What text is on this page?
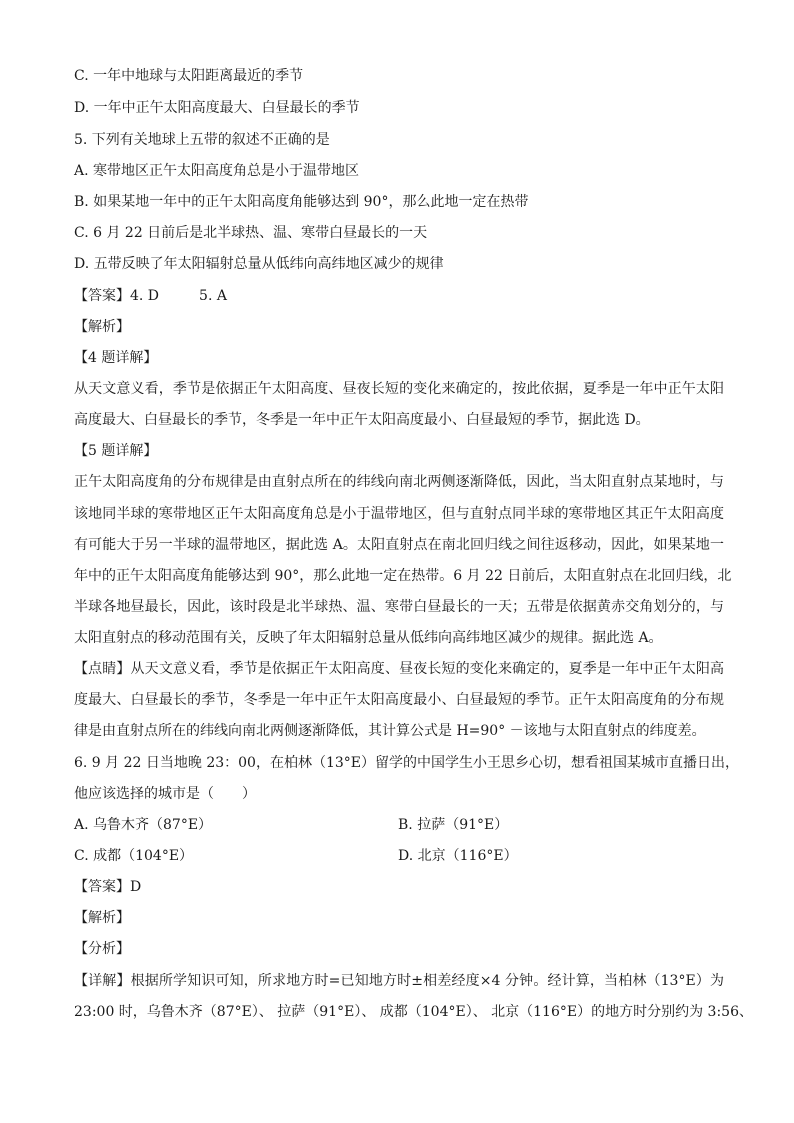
C. 一年中地球与太阳距离最近的季节
D. 一年中正午太阳高度最大、白昼最长的季节
5. 下列有关地球上五带的叙述不正确的是
A. 寒带地区正午太阳高度角总是小于温带地区
B. 如果某地一年中的正午太阳高度角能够达到 90°，那么此地一定在热带
C. 6 月 22 日前后是北半球热、温、寒带白昼最长的一天
D. 五带反映了年太阳辐射总量从低纬向高纬地区减少的规律
【答案】4. D	5. A
【解析】
【4 题详解】
从天文意义看，季节是依据正午太阳高度、昼夜长短的变化来确定的，按此依据，夏季是一年中正午太阳
高度最大、白昼最长的季节，冬季是一年中正午太阳高度最小、白昼最短的季节，据此选 D。
【5 题详解】
正午太阳高度角的分布规律是由直射点所在的纬线向南北两侧逐渐降低，因此，当太阳直射点某地时，与
该地同半球的寒带地区正午太阳高度角总是小于温带地区，但与直射点同半球的寒带地区其正午太阳高度
有可能大于另一半球的温带地区，据此选 A。太阳直射点在南北回归线之间往返移动，因此，如果某地一
年中的正午太阳高度角能够达到 90°，那么此地一定在热带。6 月 22 日前后，太阳直射点在北回归线，北
半球各地昼最长，因此，该时段是北半球热、温、寒带白昼最长的一天；五带是依据黄赤交角划分的，与
太阳直射点的移动范围有关，反映了年太阳辐射总量从低纬向高纬地区减少的规律。据此选 A。
【点睛】从天文意义看，季节是依据正午太阳高度、昼夜长短的变化来确定的，夏季是一年中正午太阳高
度最大、白昼最长的季节，冬季是一年中正午太阳高度最小、白昼最短的季节。正午太阳高度角的分布规
律是由直射点所在的纬线向南北两侧逐渐降低，其计算公式是 H=90° －该地与太阳直射点的纬度差。
6. 9 月 22 日当地晚 23：00，在柏林（13°E）留学的中国学生小王思乡心切，想看祖国某城市直播日出，
他应该选择的城市是（　　）
A. 乌鲁木齐（87°E）	B. 拉萨（91°E）
C. 成都（104°E）	D. 北京（116°E）
【答案】D
【解析】
【分析】
【详解】根据所学知识可知，所求地方时=已知地方时±相差经度×4 分钟。经计算，当柏林（13°E）为
23:00 时，乌鲁木齐（87°E）、 拉萨（91°E）、 成都（104°E）、 北京（116°E）的地方时分别约为 3:56、
